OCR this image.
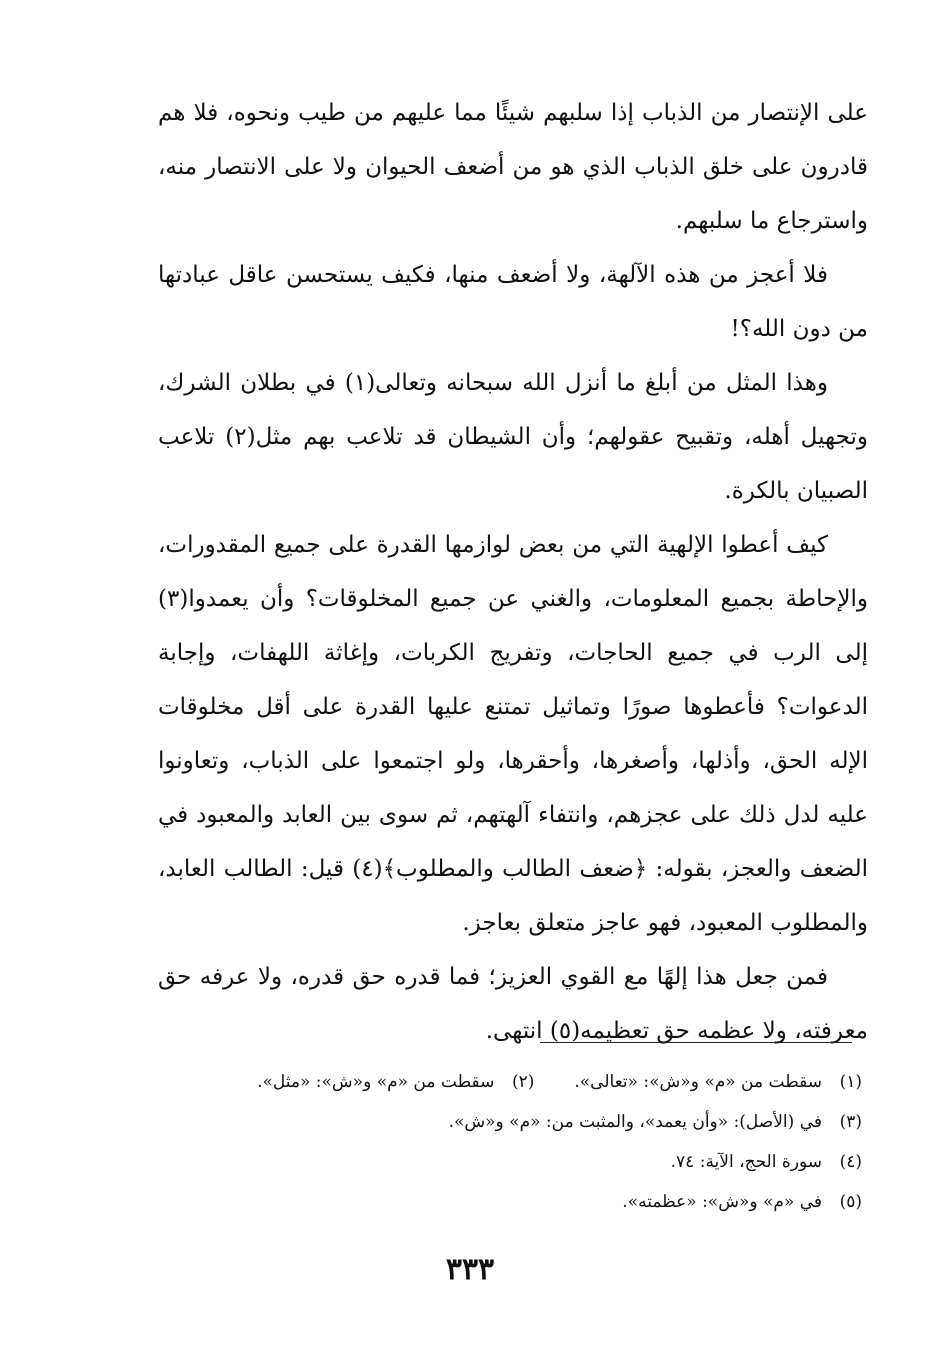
على الإنتصار من الذباب إذا سلبهم شيئًا مما عليهم من طيب ونحوه، فلا هم قادرون على خلق الذباب الذي هو من أضعف الحيوان ولا على الانتصار منه، واسترجاع ما سلبهم.

فلا أعجز من هذه الآلهة، ولا أضعف منها، فكيف يستحسن عاقل عبادتها من دون الله؟!

وهذا المثل من أبلغ ما أنزل الله سبحانه وتعالى(١) في بطلان الشرك، وتجهيل أهله، وتقبيح عقولهم؛ وأن الشيطان قد تلاعب بهم مثل(٢) تلاعب الصبيان بالكرة.

كيف أعطوا الإلهية التي من بعض لوازمها القدرة على جميع المقدورات، والإحاطة بجميع المعلومات، والغني عن جميع المخلوقات؟ وأن يعمدوا(٣) إلى الرب في جميع الحاجات، وتفريج الكربات، وإغاثة اللهفات، وإجابة الدعوات؟ فأعطوها صورًا وتماثيل تمتنع عليها القدرة على أقل مخلوقات الإله الحق، وأذلها، وأصغرها، وأحقرها، ولو اجتمعوا على الذباب، وتعاونوا عليه لدل ذلك على عجزهم، وانتفاء آلهتهم، ثم سوى بين العابد والمعبود في الضعف والعجز، بقوله: ﴿ضعف الطالب والمطلوب﴾(٤) قيل: الطالب العابد، والمطلوب المعبود، فهو عاجز متعلق بعاجز.

فمن جعل هذا إلهًا مع القوي العزيز؛ فما قدره حق قدره، ولا عرفه حق معرفته، ولا عظمه حق تعظيمه(٥) انتهى.

(١)
سقطت من «م» و«ش»: «تعالى».
(٢)
سقطت من «م» و«ش»: «مثل».
(٣)
في (الأصل): «وأن يعمد»، والمثبت من: «م» و«ش».
(٤)
سورة الحج، الآية: ٧٤.
(٥)
في «م» و«ش»: «عظمته».
٣٣٣
